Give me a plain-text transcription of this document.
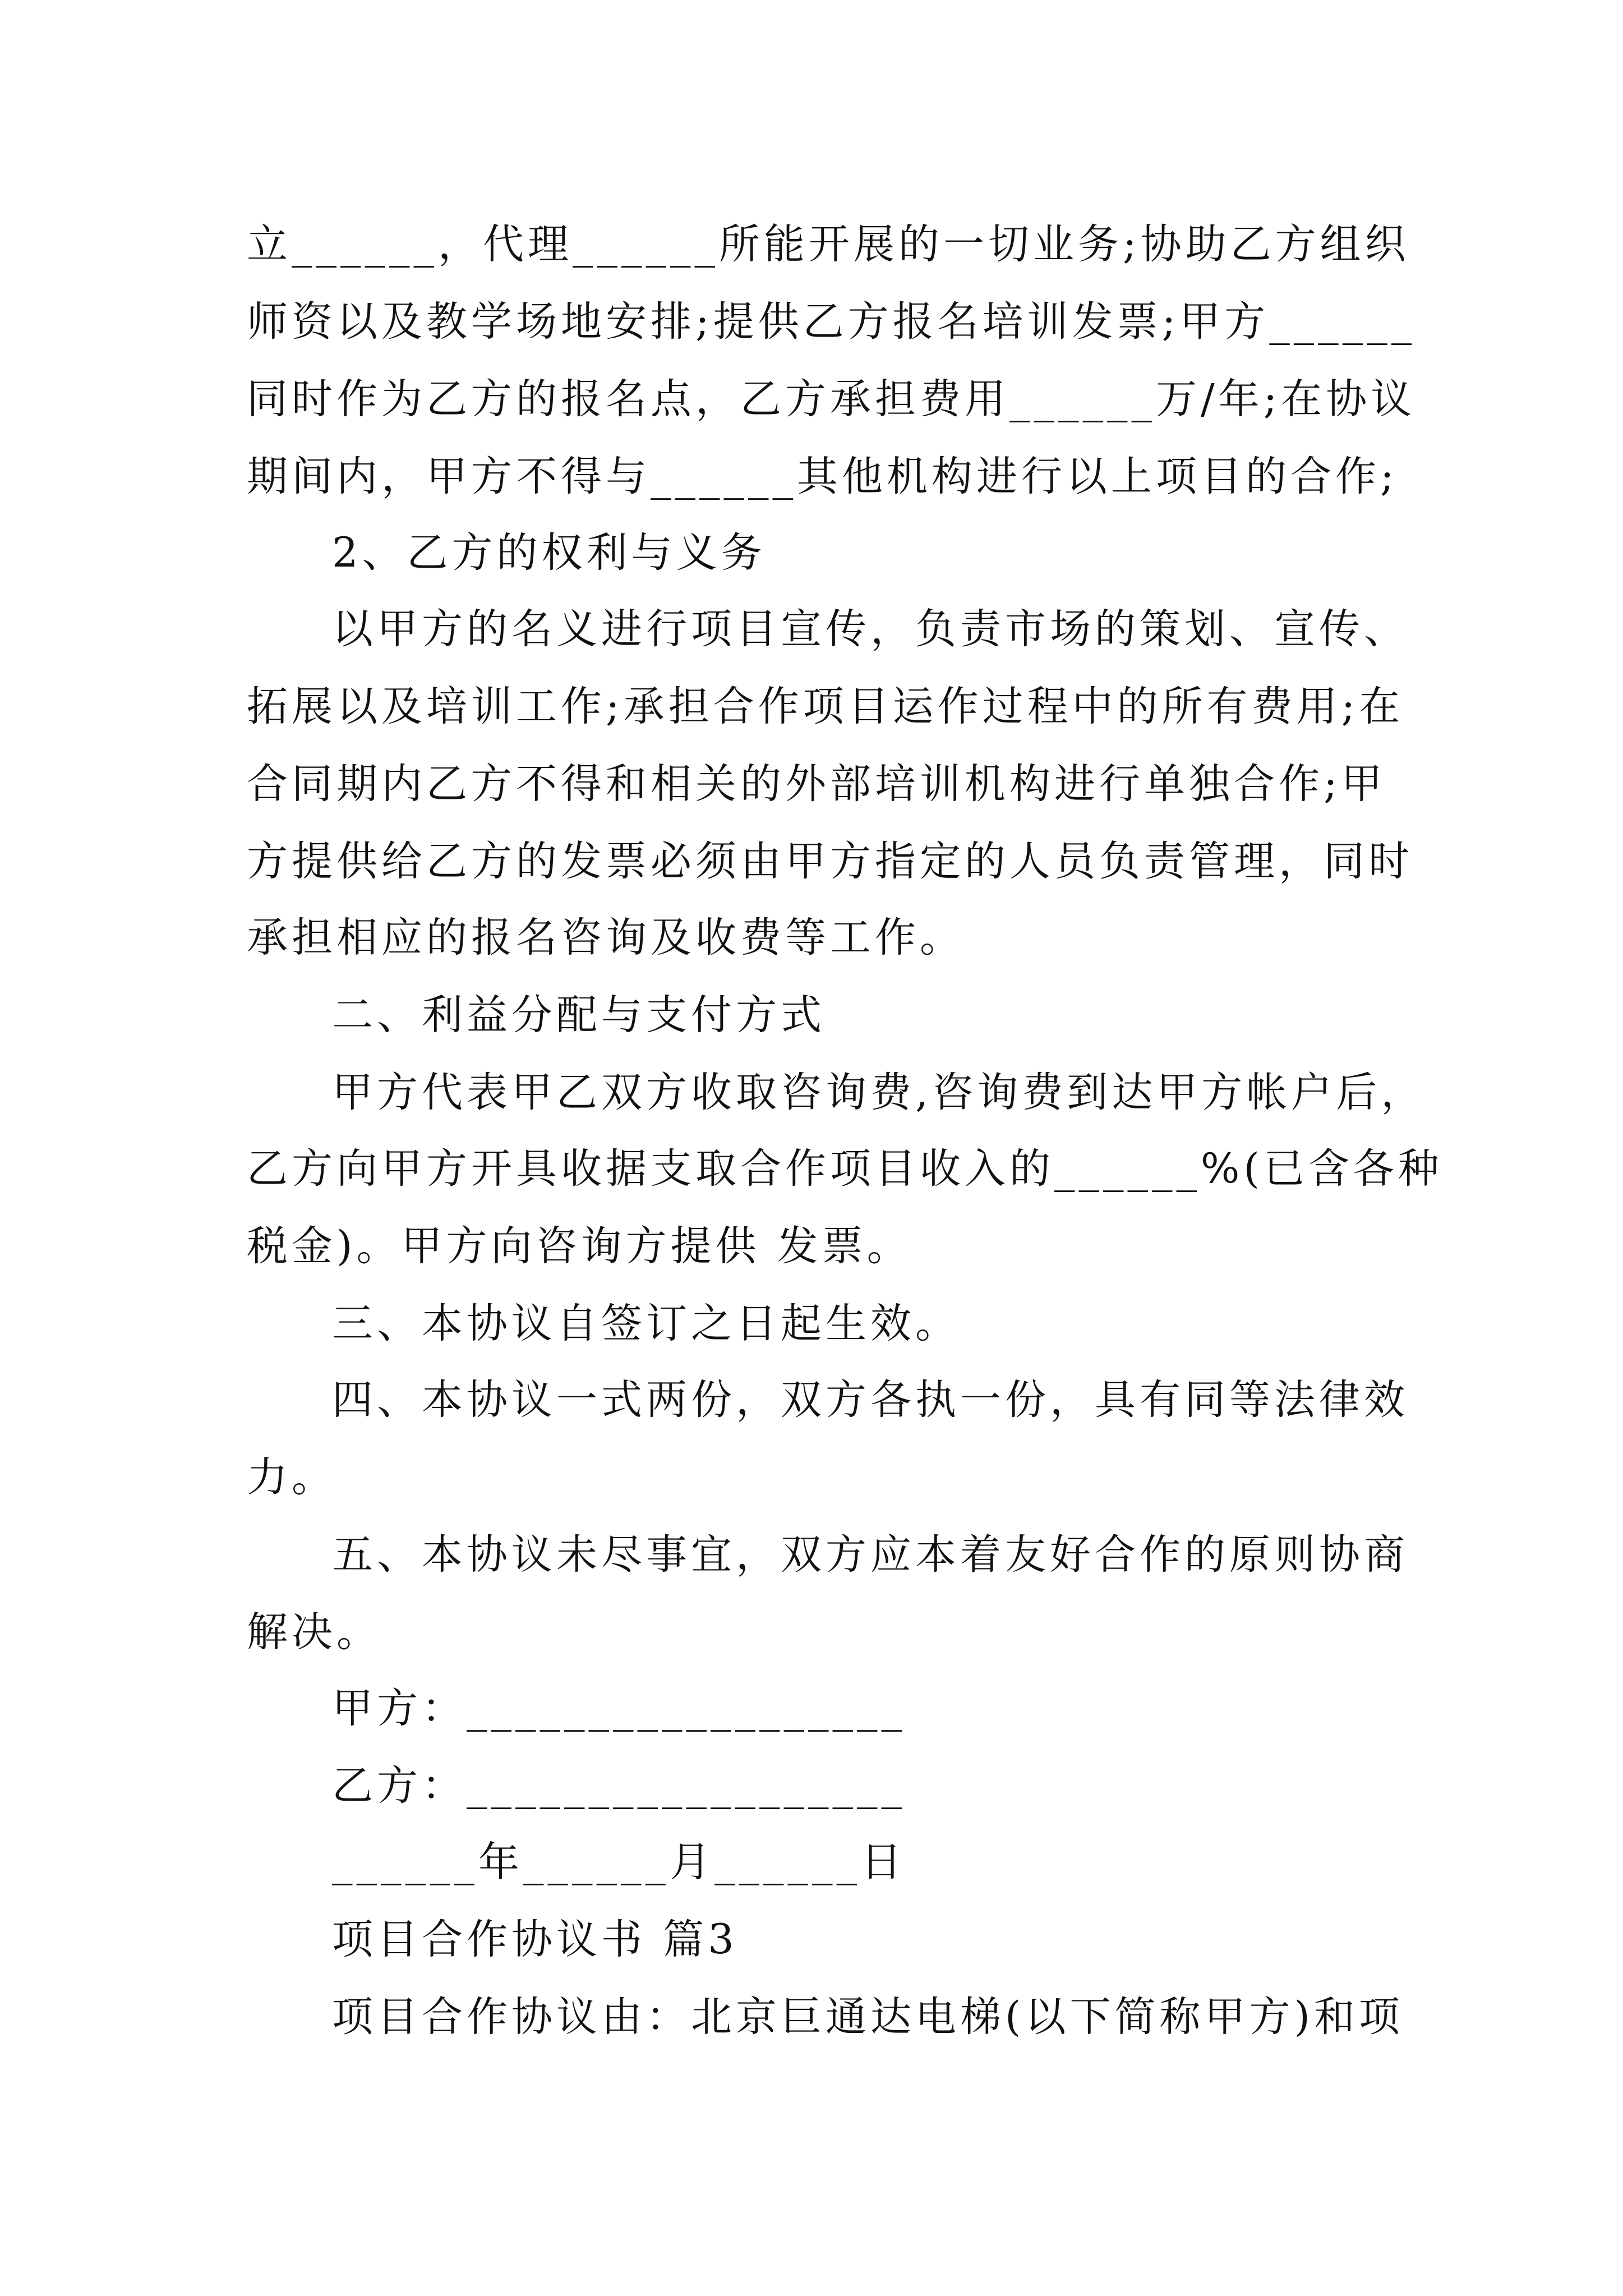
立______，代理______所能开展的一切业务;协助乙方组织
师资以及教学场地安排;提供乙方报名培训发票;甲方______
同时作为乙方的报名点，乙方承担费用______万/年;在协议
期间内，甲方不得与______其他机构进行以上项目的合作;
2、乙方的权利与义务
以甲方的名义进行项目宣传，负责市场的策划、宣传、
拓展以及培训工作;承担合作项目运作过程中的所有费用;在
合同期内乙方不得和相关的外部培训机构进行单独合作;甲
方提供给乙方的发票必须由甲方指定的人员负责管理，同时
承担相应的报名咨询及收费等工作。
二、利益分配与支付方式
甲方代表甲乙双方收取咨询费,咨询费到达甲方帐户后，
乙方向甲方开具收据支取合作项目收入的______%(已含各种
税金)。甲方向咨询方提供 发票。
三、本协议自签订之日起生效。
四、本协议一式两份，双方各执一份，具有同等法律效
力。
五、本协议未尽事宜，双方应本着友好合作的原则协商
解决。
甲方：__________________
乙方：__________________
______年______月______日
项目合作协议书 篇3
项目合作协议由：北京巨通达电梯(以下简称甲方)和项
